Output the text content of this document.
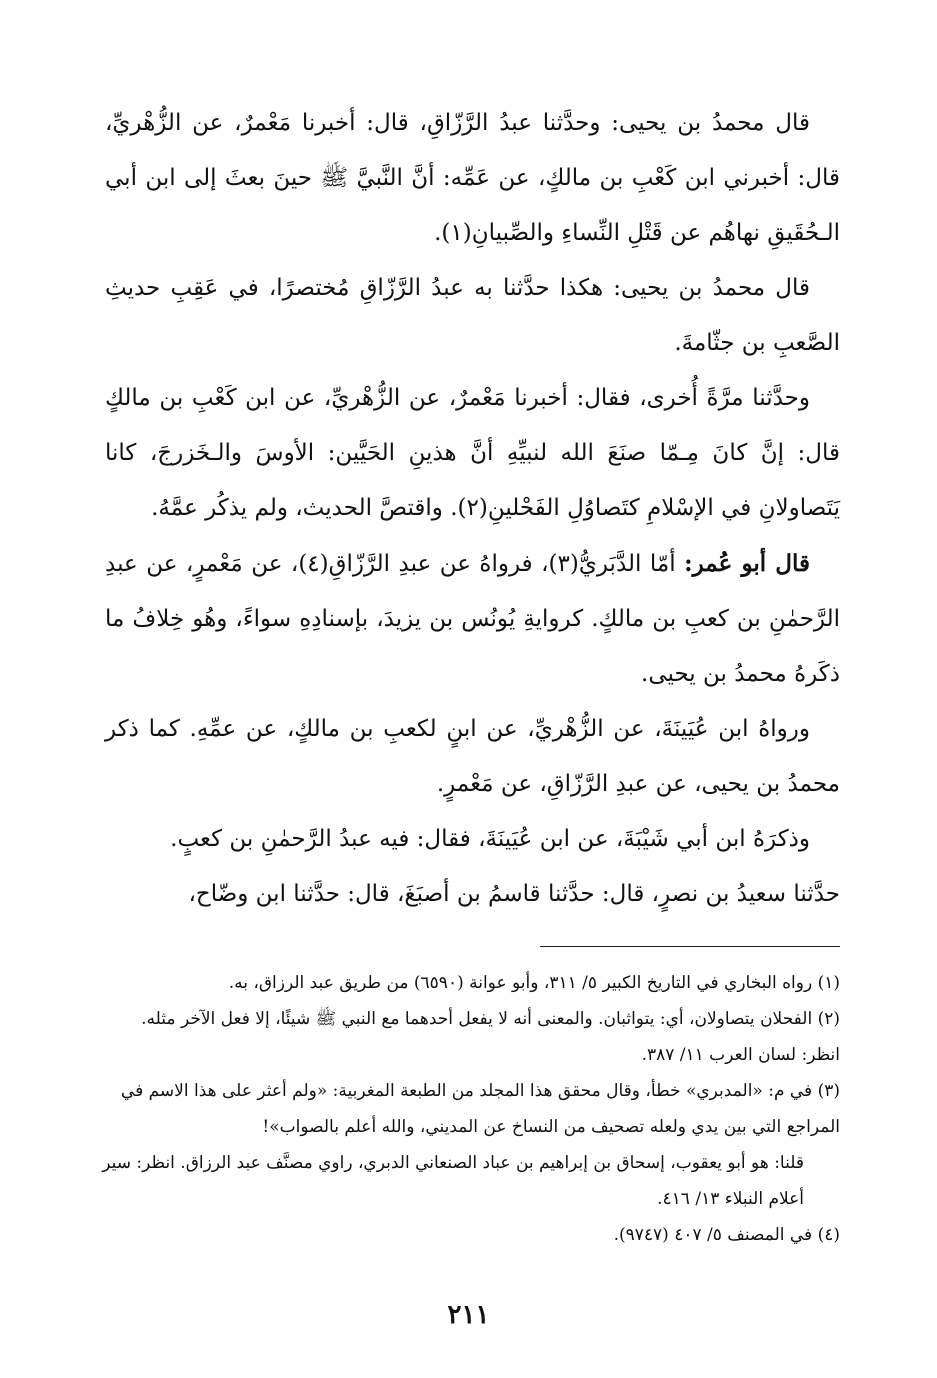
قال محمدُ بن يحيى: وحدَّثنا عبدُ الرَّزّاقِ، قال: أخبرنا مَعْمرٌ، عن الزُّهْريِّ، قال: أخبرني ابن كَعْبِ بن مالكٍ، عن عَمِّه: أنَّ النَّبيَّ ﷺ حينَ بعثَ إلى ابن أبي الـحُقَيقِ نهاهُم عن قَتْلِ النِّساءِ والصِّبيانِ(١).

قال محمدُ بن يحيى: هكذا حدَّثنا به عبدُ الرَّزّاقِ مُختصرًا، في عَقِبِ حديثِ الصَّعبِ بن جثّامةَ.

وحدَّثنا مرَّةً أُخرى، فقال: أخبرنا مَعْمرٌ، عن الزُّهْريِّ، عن ابن كَعْبِ بن مالكٍ قال: إنَّ كانَ مِـمّا صنَعَ الله لنبيِّهِ أنَّ هذينِ الحَيَّين: الأوسَ والـخَزرجَ، كانا يَتَصاولانِ في الإسْلامِ كتَصاوُلِ الفَحْلينِ(٢). واقتصَّ الحديث، ولم يذكُر عمَّهُ.

قال أبو عُمر: أمّا الدَّبَريُّ(٣)، فرواهُ عن عبدِ الرَّزّاقِ(٤)، عن مَعْمرٍ، عن عبدِ الرَّحمٰنِ بن كعبِ بن مالكٍ. كروايةِ يُونُس بن يزيدَ، بإسنادِهِ سواءً، وهُو خِلافُ ما ذكَرهُ محمدُ بن يحيى.

ورواهُ ابن عُيَينَةَ، عن الزُّهْريِّ، عن ابنٍ لكعبِ بن مالكٍ، عن عمِّهِ. كما ذكر محمدُ بن يحيى، عن عبدِ الرَّزّاقِ، عن مَعْمرٍ.

وذكرَهُ ابن أبي شَيْبَةَ، عن ابن عُيَينَةَ، فقال: فيه عبدُ الرَّحمٰنِ بن كعبٍ.

حدَّثنا سعيدُ بن نصرٍ، قال: حدَّثنا قاسمُ بن أصبَغَ، قال: حدَّثنا ابن وضّاح،

(١) رواه البخاري في التاريخ الكبير ٥/ ٣١١، وأبو عوانة (٦٥٩٠) من طريق عبد الرزاق، به.

(٢) الفحلان يتصاولان، أي: يتواثبان. والمعنى أنه لا يفعل أحدهما مع النبي ﷺ شيئًا، إلا فعل الآخر مثله. انظر: لسان العرب ١١/ ٣٨٧.

(٣) في م: «المدبري» خطأ، وقال محقق هذا المجلد من الطبعة المغربية: «ولم أعثر على هذا الاسم في المراجع التي بين يدي ولعله تصحيف من النساخ عن المديني، والله أعلم بالصواب»!

قلنا: هو أبو يعقوب، إسحاق بن إبراهيم بن عباد الصنعاني الدبري، راوي مصنَّف عبد الرزاق. انظر: سير أعلام النبلاء ١٣/ ٤١٦.

(٤) في المصنف ٥/ ٤٠٧ (٩٧٤٧).

٢١١
